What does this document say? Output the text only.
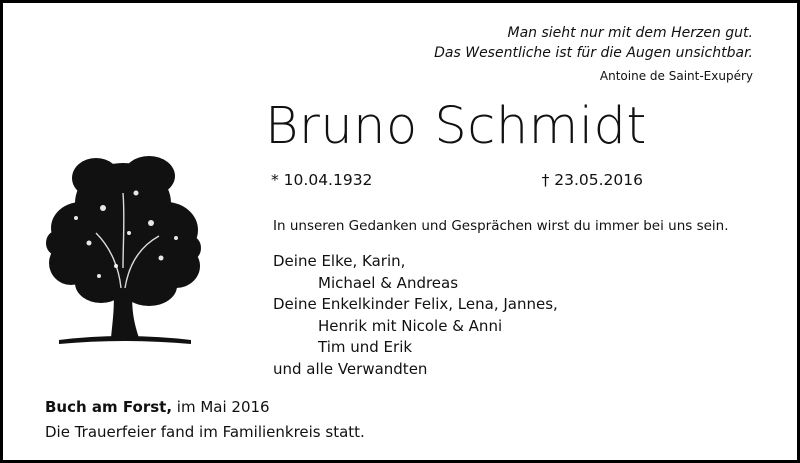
Man sieht nur mit dem Herzen gut.
Das Wesentliche ist für die Augen unsichtbar.
Antoine de Saint-Exupéry
Bruno Schmidt
* 10.04.1932	† 23.05.2016
In unseren Gedanken und Gesprächen wirst du immer bei uns sein.
Deine Elke, Karin,
Michael & Andreas
Deine Enkelkinder Felix, Lena, Jannes,
Henrik mit Nicole & Anni
Tim und Erik
und alle Verwandten
Buch am Forst, im Mai 2016
Die Trauerfeier fand im Familienkreis statt.
